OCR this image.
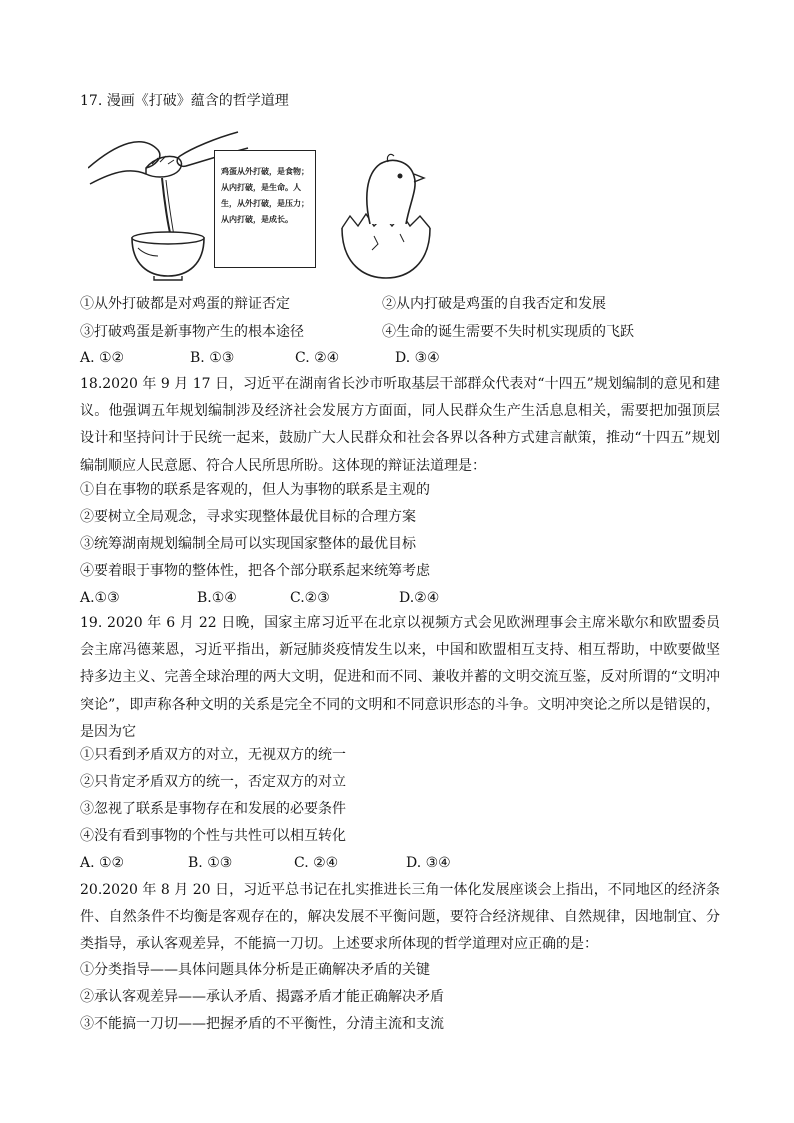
17. 漫画《打破》蕴含的哲学道理
鸡蛋从外打破，是食物；从内打破，是生命。人生，从外打破，是压力；从内打破，是成长。
①从外打破都是对鸡蛋的辩证否定	②从内打破是鸡蛋的自我否定和发展
③打破鸡蛋是新事物产生的根本途径	④生命的诞生需要不失时机实现质的飞跃
A. ①②	B. ①③	C. ②④	D. ③④
18.2020 年 9 月 17 日，习近平在湖南省长沙市听取基层干部群众代表对“十四五”规划编制的意见和建议。他强调五年规划编制涉及经济社会发展方方面面，同人民群众生产生活息息相关，需要把加强顶层设计和坚持问计于民统一起来，鼓励广大人民群众和社会各界以各种方式建言献策，推动“十四五”规划编制顺应人民意愿、符合人民所思所盼。这体现的辩证法道理是：
①自在事物的联系是客观的，但人为事物的联系是主观的
②要树立全局观念，寻求实现整体最优目标的合理方案
③统筹湖南规划编制全局可以实现国家整体的最优目标
④要着眼于事物的整体性，把各个部分联系起来统筹考虑
A.①③	B.①④	C.②③	D.②④
19. 2020 年 6 月 22 日晚，国家主席习近平在北京以视频方式会见欧洲理事会主席米歇尔和欧盟委员会主席冯德莱恩，习近平指出，新冠肺炎疫情发生以来，中国和欧盟相互支持、相互帮助，中欧要做坚持多边主义、完善全球治理的两大文明，促进和而不同、兼收并蓄的文明交流互鉴，反对所谓的“文明冲突论”，即声称各种文明的关系是完全不同的文明和不同意识形态的斗争。文明冲突论之所以是错误的，是因为它
①只看到矛盾双方的对立，无视双方的统一
②只肯定矛盾双方的统一，否定双方的对立
③忽视了联系是事物存在和发展的必要条件
④没有看到事物的个性与共性可以相互转化
A. ①②	B. ①③	C. ②④	D. ③④
20.2020 年 8 月 20 日，习近平总书记在扎实推进长三角一体化发展座谈会上指出，不同地区的经济条件、自然条件不均衡是客观存在的，解决发展不平衡问题，要符合经济规律、自然规律，因地制宜、分类指导，承认客观差异，不能搞一刀切。上述要求所体现的哲学道理对应正确的是：
①分类指导——具体问题具体分析是正确解决矛盾的关键
②承认客观差异——承认矛盾、揭露矛盾才能正确解决矛盾
③不能搞一刀切——把握矛盾的不平衡性，分清主流和支流
